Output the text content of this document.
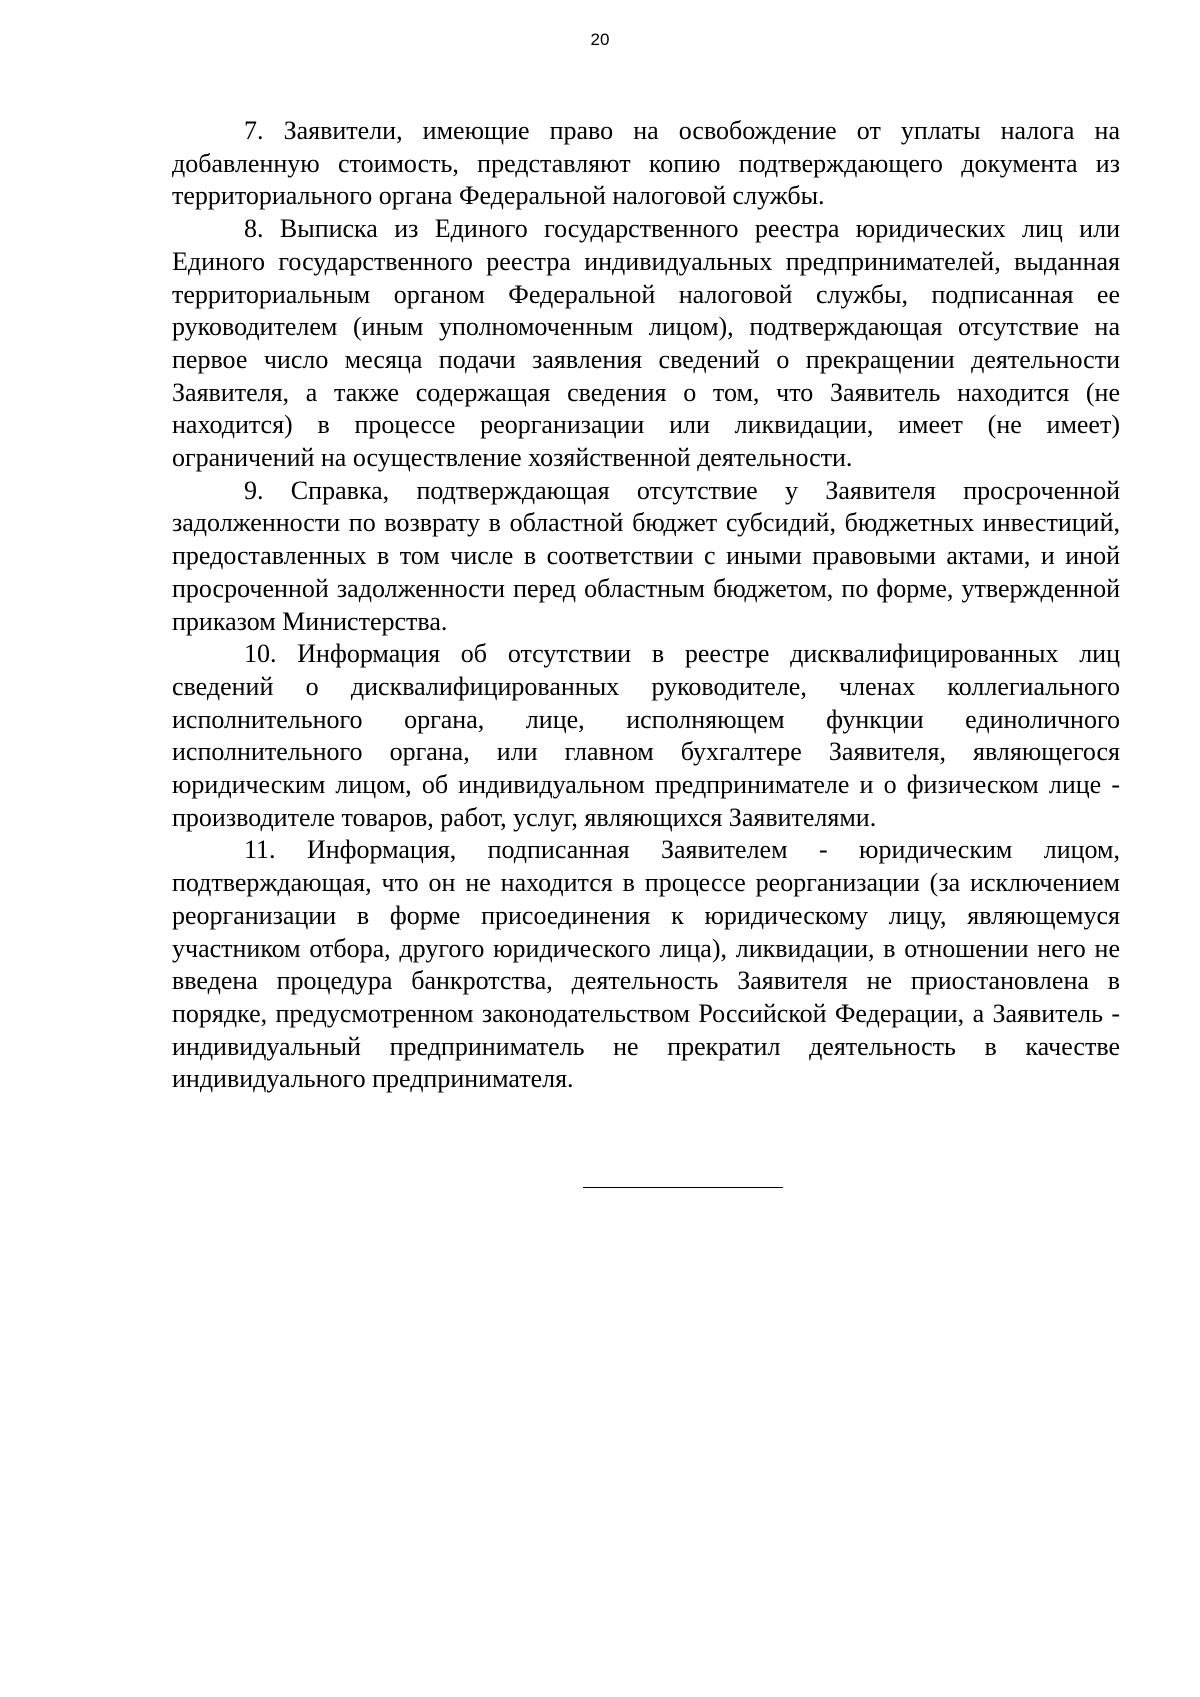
20

7. Заявители, имеющие право на освобождение от уплаты налога на добавленную стоимость, представляют копию подтверждающего документа из территориального органа Федеральной налоговой службы.

8. Выписка из Единого государственного реестра юридических лиц или Единого государственного реестра индивидуальных предпринимателей, выданная территориальным органом Федеральной налоговой службы, подписанная ее руководителем (иным уполномоченным лицом), подтверждающая отсутствие на первое число месяца подачи заявления сведений о прекращении деятельности Заявителя, а также содержащая сведения о том, что Заявитель находится (не находится) в процессе реорганизации или ликвидации, имеет (не имеет) ограничений на осуществление хозяйственной деятельности.

9. Справка, подтверждающая отсутствие у Заявителя просроченной задолженности по возврату в областной бюджет субсидий, бюджетных инвестиций, предоставленных в том числе в соответствии с иными правовыми актами, и иной просроченной задолженности перед областным бюджетом, по форме, утвержденной приказом Министерства.

10. Информация об отсутствии в реестре дисквалифицированных лиц сведений о дисквалифицированных руководителе, членах коллегиального исполнительного органа, лице, исполняющем функции единоличного исполнительного органа, или главном бухгалтере Заявителя, являющегося юридическим лицом, об индивидуальном предпринимателе и о физическом лице - производителе товаров, работ, услуг, являющихся Заявителями.

11. Информация, подписанная Заявителем - юридическим лицом, подтверждающая, что он не находится в процессе реорганизации (за исключением реорганизации в форме присоединения к юридическому лицу, являющемуся участником отбора, другого юридического лица), ликвидации, в отношении него не введена процедура банкротства, деятельность Заявителя не приостановлена в порядке, предусмотренном законодательством Российской Федерации, а Заявитель - индивидуальный предприниматель не прекратил деятельность в качестве индивидуального предпринимателя.
